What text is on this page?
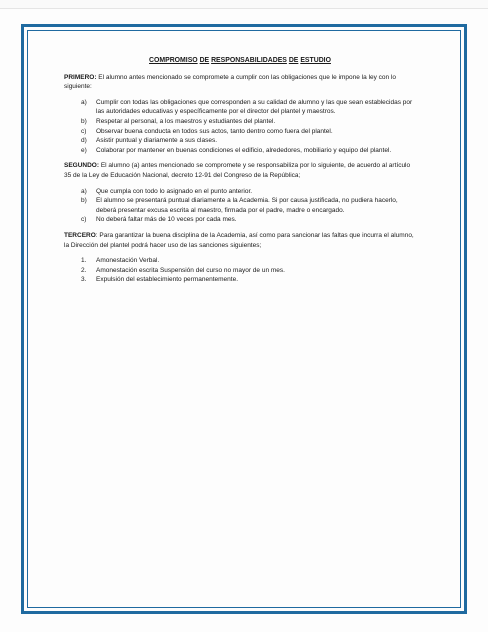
COMPROMISO DE RESPONSABILIDADES DE ESTUDIO

PRIMERO: El alumno antes mencionado se compromete a cumplir con las obligaciones que le impone la ley con lo siguiente:

a) Cumplir con todas las obligaciones que corresponden a su calidad de alumno y las que sean establecidas por las autoridades educativas y específicamente por el director del plantel y maestros.
b) Respetar al personal, a los maestros y estudiantes del plantel.
c) Observar buena conducta en todos sus actos, tanto dentro como fuera del plantel.
d) Asistir puntual y diariamente a sus clases.
e) Colaborar por mantener en buenas condiciones el edificio, alrededores, mobiliario y equipo del plantel.

SEGUNDO: El alumno (a) antes mencionado se compromete y se responsabiliza por lo siguiente, de acuerdo al artículo 35 de la Ley de Educación Nacional, decreto 12-91 del Congreso de la República;

a) Que cumpla con todo lo asignado en el punto anterior.
b) El alumno se presentará puntual diariamente a la Academia. Si por causa justificada, no pudiera hacerlo, deberá presentar excusa escrita al maestro, firmada por el padre, madre o encargado.
c) No deberá faltar más de 10 veces por cada mes.

TERCERO: Para garantizar la buena disciplina de la Academia, así como para sancionar las faltas que incurra el alumno, la Dirección del plantel podrá hacer uso de las sanciones siguientes;

1. Amonestación Verbal.
2. Amonestación escrita Suspensión del curso no mayor de un mes.
3. Expulsión del establecimiento permanentemente.
